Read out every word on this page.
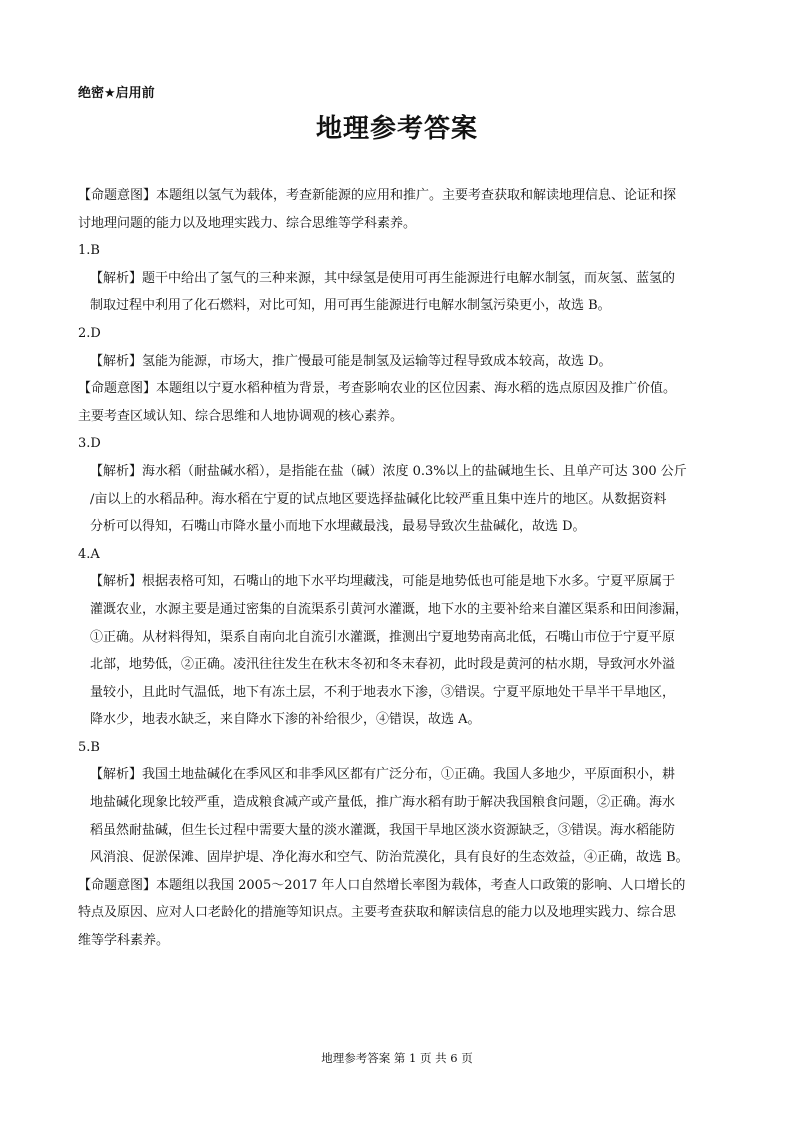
绝密★启用前
地理参考答案

【命题意图】本题组以氢气为载体，考查新能源的应用和推广。主要考查获取和解读地理信息、论证和探

讨地理问题的能力以及地理实践力、综合思维等学科素养。

1.B

【解析】题干中给出了氢气的三种来源，其中绿氢是使用可再生能源进行电解水制氢，而灰氢、蓝氢的

制取过程中利用了化石燃料，对比可知，用可再生能源进行电解水制氢污染更小，故选 B。

2.D

【解析】氢能为能源，市场大，推广慢最可能是制氢及运输等过程导致成本较高，故选 D。

【命题意图】本题组以宁夏水稻种植为背景，考查影响农业的区位因素、海水稻的选点原因及推广价值。

主要考查区域认知、综合思维和人地协调观的核心素养。

3.D

【解析】海水稻（耐盐碱水稻），是指能在盐（碱）浓度 0.3%以上的盐碱地生长、且单产可达 300 公斤

/亩以上的水稻品种。海水稻在宁夏的试点地区要选择盐碱化比较严重且集中连片的地区。从数据资料

分析可以得知，石嘴山市降水量小而地下水埋藏最浅，最易导致次生盐碱化，故选 D。

4.A

【解析】根据表格可知，石嘴山的地下水平均埋藏浅，可能是地势低也可能是地下水多。宁夏平原属于

灌溉农业，水源主要是通过密集的自流渠系引黄河水灌溉，地下水的主要补给来自灌区渠系和田间渗漏，

①正确。从材料得知，渠系自南向北自流引水灌溉，推测出宁夏地势南高北低，石嘴山市位于宁夏平原

北部，地势低，②正确。凌汛往往发生在秋末冬初和冬末春初，此时段是黄河的枯水期，导致河水外溢

量较小，且此时气温低，地下有冻土层，不利于地表水下渗，③错误。宁夏平原地处干旱半干旱地区，

降水少，地表水缺乏，来自降水下渗的补给很少，④错误，故选 A。

5.B

【解析】我国土地盐碱化在季风区和非季风区都有广泛分布，①正确。我国人多地少，平原面积小，耕

地盐碱化现象比较严重，造成粮食减产或产量低，推广海水稻有助于解决我国粮食问题，②正确。海水

稻虽然耐盐碱，但生长过程中需要大量的淡水灌溉，我国干旱地区淡水资源缺乏，③错误。海水稻能防

风消浪、促淤保滩、固岸护堤、净化海水和空气、防治荒漠化，具有良好的生态效益，④正确，故选 B。

【命题意图】本题组以我国 2005～2017 年人口自然增长率图为载体，考查人口政策的影响、人口增长的

特点及原因、应对人口老龄化的措施等知识点。主要考查获取和解读信息的能力以及地理实践力、综合思

维等学科素养。

地理参考答案 第 1 页 共 6 页
